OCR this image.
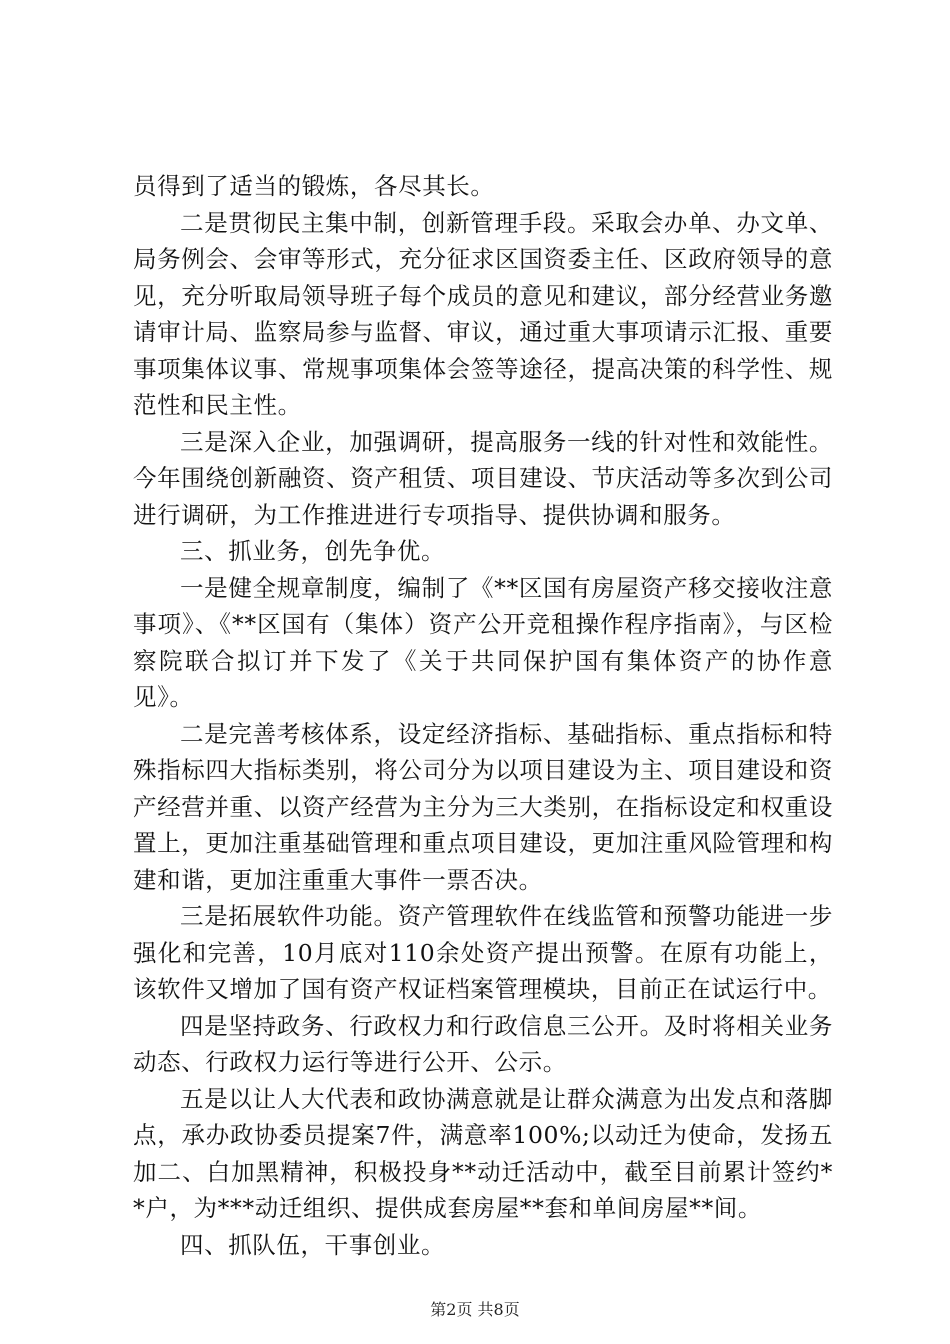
员得到了适当的锻炼，各尽其长。

二是贯彻民主集中制，创新管理手段。采取会办单、办文单、局务例会、会审等形式，充分征求区国资委主任、区政府领导的意见，充分听取局领导班子每个成员的意见和建议，部分经营业务邀请审计局、监察局参与监督、审议，通过重大事项请示汇报、重要事项集体议事、常规事项集体会签等途径，提高决策的科学性、规范性和民主性。

三是深入企业，加强调研，提高服务一线的针对性和效能性。今年围绕创新融资、资产租赁、项目建设、节庆活动等多次到公司进行调研，为工作推进进行专项指导、提供协调和服务。

三、抓业务，创先争优。

一是健全规章制度，编制了《**区国有房屋资产移交接收注意事项》、《**区国有（集体）资产公开竞租操作程序指南》，与区检察院联合拟订并下发了《关于共同保护国有集体资产的协作意见》。

二是完善考核体系，设定经济指标、基础指标、重点指标和特殊指标四大指标类别，将公司分为以项目建设为主、项目建设和资产经营并重、以资产经营为主分为三大类别，在指标设定和权重设置上，更加注重基础管理和重点项目建设，更加注重风险管理和构建和谐，更加注重重大事件一票否决。

三是拓展软件功能。资产管理软件在线监管和预警功能进一步强化和完善，10月底对110余处资产提出预警。在原有功能上，该软件又增加了国有资产权证档案管理模块，目前正在试运行中。

四是坚持政务、行政权力和行政信息三公开。及时将相关业务动态、行政权力运行等进行公开、公示。

五是以让人大代表和政协满意就是让群众满意为出发点和落脚点，承办政协委员提案7件，满意率100%;以动迁为使命，发扬五加二、白加黑精神，积极投身**动迁活动中，截至目前累计签约**户，为***动迁组织、提供成套房屋**套和单间房屋**间。

四、抓队伍，干事创业。

第2页 共8页
